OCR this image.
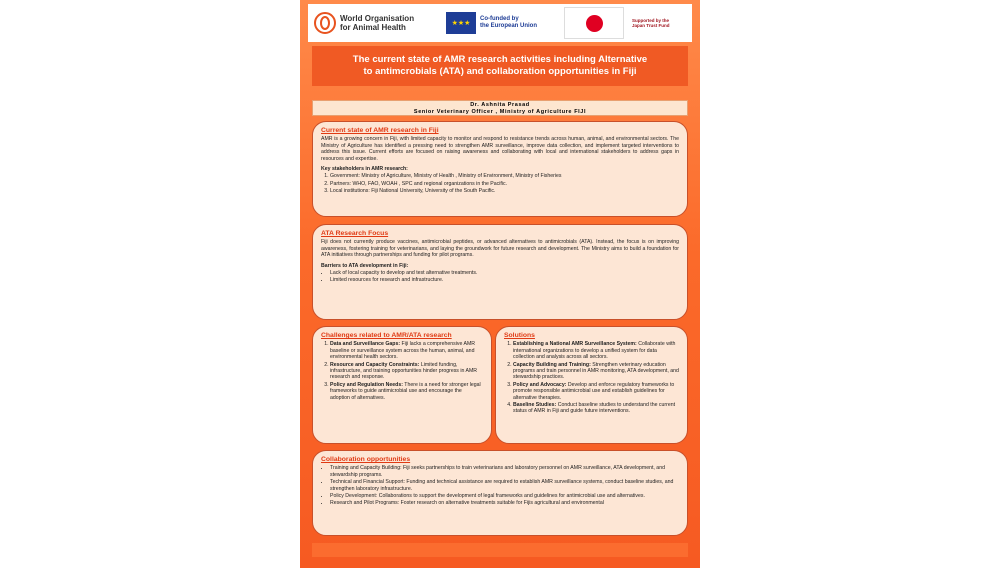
World Organisation
for Animal Health	★★★
Co-funded by
the European Union
Supported by the
Japan Trust Fund
The current state of AMR research activities including Alternative
to antimcrobials (ATA) and collaboration opportunities in Fiji
Dr. Ashnita Prasad
Senior Veterinary Officer , Ministry of Agriculture FIJI
Current state of AMR research in Fiji

AMR is a growing concern in Fiji, with limited capacity to monitor and respond to resistance trends across human, animal, and environmental sectors. The Ministry of Agriculture has identified a pressing need to strengthen AMR surveillance, improve data collection, and implement targeted interventions to address this issue. Current efforts are focused on raising awareness and collaborating with local and international stakeholders to address gaps in resources and expertise.

Key stakeholders in AMR research:
1. Government: Ministry of Agriculture, Ministry of Health , Ministry of Environment, Ministry of Fisheries
2. Partners: WHO, FAO, WOAH , SPC and regional organizations in the Pacific.
3. Local institutions: Fiji National University, University of the South Pacific.
ATA Research Focus

Fiji does not currently produce vaccines, antimicrobial peptides, or advanced alternatives to antimicrobials (ATA). Instead, the focus is on improving awareness, fostering training for veterinarians, and laying the groundwork for future research and development. The Ministry aims to build a foundation for ATA initiatives through partnerships and funding for pilot programs.

Barriers to ATA development in Fiji:
• Lack of local capacity to develop and test alternative treatments.
• Limited resources for research and infrastructure.
Challenges related to AMR/ATA research
1. Data and Surveillance Gaps: Fiji lacks a comprehensive AMR baseline or surveillance system across the human, animal, and environmental health sectors.
2. Resource and Capacity Constraints: Limited funding, infrastructure, and training opportunities hinder progress in AMR research and response.
3. Policy and Regulation Needs: There is a need for stronger legal frameworks to guide antimicrobial use and encourage the adoption of alternatives.
Solutions
1. Establishing a National AMR Surveillance System: Collaborate with international organizations to develop a unified system for data collection and analysis across all sectors.
2. Capacity Building and Training: Strengthen veterinary education programs and train personnel in AMR monitoring, ATA development, and stewardship practices.
3. Policy and Advocacy: Develop and enforce regulatory frameworks to promote responsible antimicrobial use and establish guidelines for alternative therapies.
4. Baseline Studies: Conduct baseline studies to understand the current status of AMR in Fiji and guide future interventions.
Collaboration opportunities
• Training and Capacity Building: Fiji seeks partnerships to train veterinarians and laboratory personnel on AMR surveillance, ATA development, and stewardship programs.
• Technical and Financial Support: Funding and technical assistance are required to establish AMR surveillance systems, conduct baseline studies, and strengthen laboratory infrastructure.
• Policy Development: Collaborations to support the development of legal frameworks and guidelines for antimicrobial use and alternatives.
• Research and Pilot Programs: Foster research on alternative treatments suitable for Fijis agricultural and environmental
